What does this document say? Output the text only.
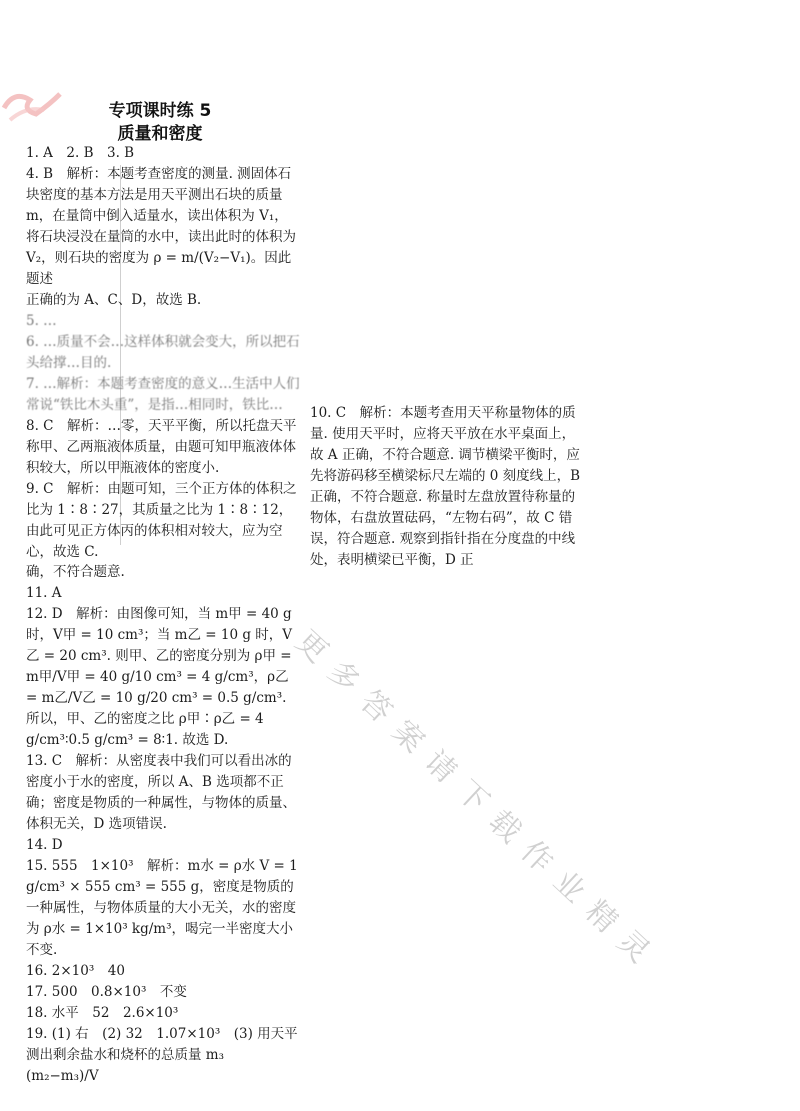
专项课时练 5
质量和密度

1. A　2. B　3. B

4. B　解析：本题考查密度的测量. 测固体石块密度的基本方法是用天平测出石块的质量 m，在量筒中倒入适量水，读出体积为 V₁，将石块浸没在量筒的水中，读出此时的体积为 V₂，则石块的密度为 ρ = m/(V₂−V₁)。因此题述

正确的为 A、C、D，故选 B.

5. …

6. …质量不会…这样体积就会变大，所以把石头给撑…目的.

7. …解析：本题考查密度的意义…生活中人们常说“铁比木头重”，是指…相同时，铁比…

8. C　解析：…零，天平平衡，所以托盘天平称甲、乙两瓶液体质量，由题可知甲瓶液体体积较大，所以甲瓶液体的密度小.

9. C　解析：由题可知，三个正方体的体积之比为 1∶8∶27，其质量之比为 1∶8∶12，由此可见正方体丙的体积相对较大，应为空心，故选 C.

10. C　解析：本题考查用天平称量物体的质量. 使用天平时，应将天平放在水平桌面上，故 A 正确，不符合题意. 调节横梁平衡时，应先将游码移至横梁标尺左端的 0 刻度线上，B 正确，不符合题意. 称量时左盘放置待称量的物体，右盘放置砝码，“左物右码”，故 C 错误，符合题意. 观察到指针指在分度盘的中线处，表明横梁已平衡，D 正

确，不符合题意.

11. A

12. D　解析：由图像可知，当 m甲 = 40 g 时，V甲 = 10 cm³；当 m乙 = 10 g 时，V乙 = 20 cm³. 则甲、乙的密度分别为 ρ甲 = m甲/V甲 = 40 g/10 cm³ = 4 g/cm³，ρ乙 = m乙/V乙 = 10 g/20 cm³ = 0.5 g/cm³.

所以，甲、乙的密度之比 ρ甲∶ρ乙 = 4 g/cm³∶0.5 g/cm³ = 8∶1. 故选 D.

13. C　解析：从密度表中我们可以看出冰的密度小于水的密度，所以 A、B 选项都不正确；密度是物质的一种属性，与物体的质量、体积无关，D 选项错误.

14. D

15. 555　1×10³　解析：m水 = ρ水 V = 1 g/cm³ × 555 cm³ = 555 g，密度是物质的一种属性，与物体质量的大小无关，水的密度为 ρ水 = 1×10³ kg/m³，喝完一半密度大小不变.

16. 2×10³　40

17. 500　0.8×10³　不变

18. 水平　52　2.6×10³

19. (1) 右　(2) 32　1.07×10³　(3) 用天平测出剩余盐水和烧杯的总质量 m₃　(m₂−m₃)/V

更多答案请下载作业精灵
